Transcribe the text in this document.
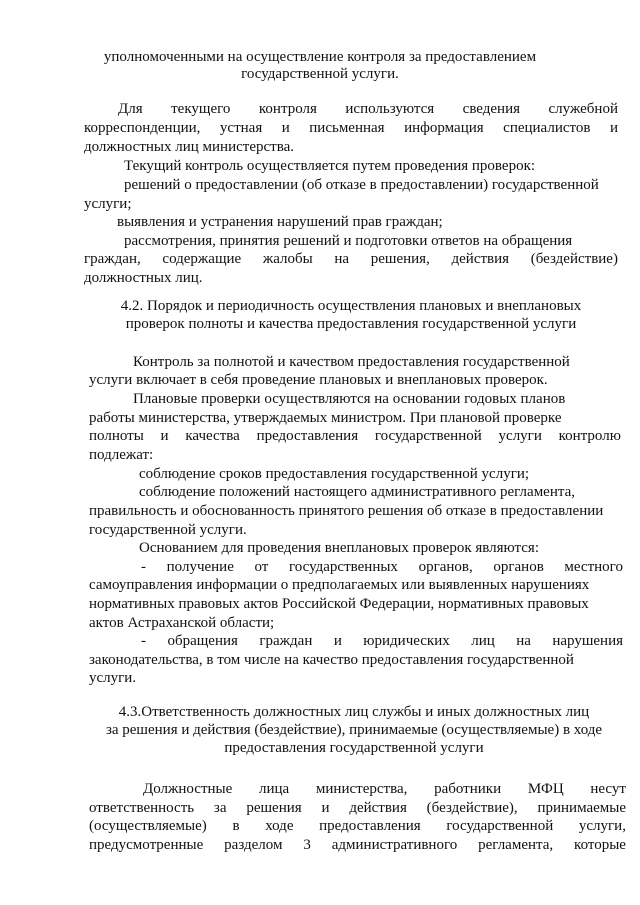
уполномоченными на осуществление контроля за предоставлением
государственной услуги.
Для текущего контроля используются сведения служебной
корреспонденции, устная и письменная информация специалистов и
должностных лиц министерства.
Текущий контроль осуществляется путем проведения проверок:
решений о предоставлении (об отказе в предоставлении) государственной
услуги;
выявления и устранения нарушений прав граждан;
рассмотрения, принятия решений и подготовки ответов на обращения
граждан, содержащие жалобы на решения, действия (бездействие)
должностных лиц.
4.2. Порядок и периодичность осуществления плановых и внеплановых
проверок полноты и качества предоставления государственной услуги
Контроль за полнотой и качеством предоставления государственной
услуги включает в себя проведение плановых и внеплановых проверок.
Плановые проверки осуществляются на основании годовых планов
работы министерства, утверждаемых министром. При плановой проверке
полноты и качества предоставления государственной услуги контролю
подлежат:
соблюдение сроков предоставления государственной услуги;
соблюдение положений настоящего административного регламента,
правильность и обоснованность принятого решения об отказе в предоставлении
государственной услуги.
Основанием для проведения внеплановых проверок являются:
- получение от государственных органов, органов местного
самоуправления информации о предполагаемых или выявленных нарушениях
нормативных правовых актов Российской Федерации, нормативных правовых
актов Астраханской области;
- обращения граждан и юридических лиц на нарушения
законодательства, в том числе на качество предоставления государственной
услуги.
4.3.Ответственность должностных лиц службы и иных должностных лиц
за решения и действия (бездействие), принимаемые (осуществляемые) в ходе
предоставления государственной услуги
Должностные лица министерства, работники МФЦ несут
ответственность за решения и действия (бездействие), принимаемые
(осуществляемые) в ходе предоставления государственной услуги,
предусмотренные разделом 3 административного регламента, которые
